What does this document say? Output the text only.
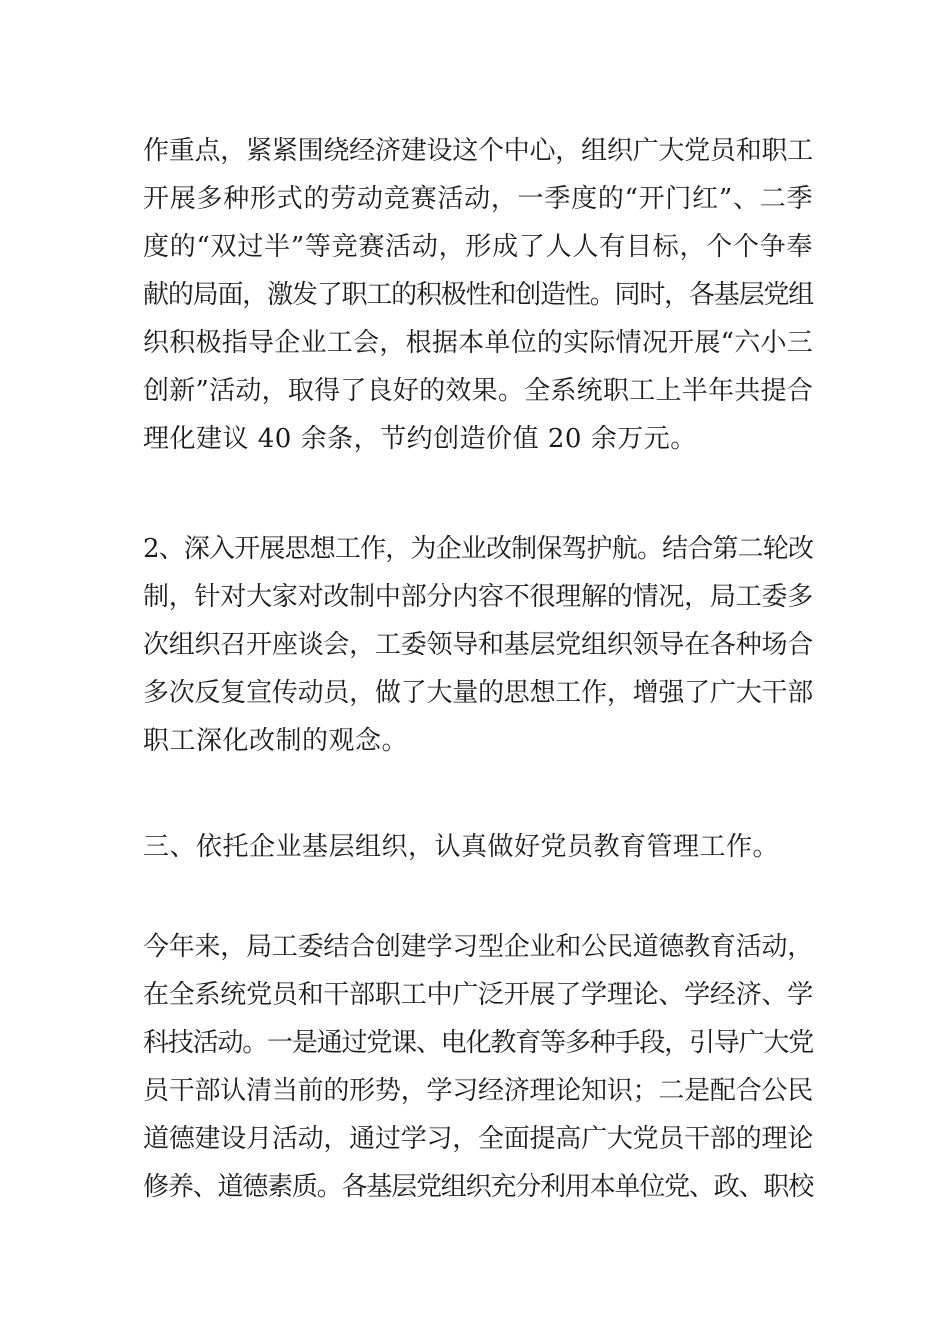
作重点，紧紧围绕经济建设这个中心，组织广大党员和职工
开展多种形式的劳动竞赛活动，一季度的“开门红”、二季
度的“双过半”等竞赛活动，形成了人人有目标，个个争奉
献的局面，激发了职工的积极性和创造性。同时，各基层党组
织积极指导企业工会，根据本单位的实际情况开展“六小三
创新”活动，取得了良好的效果。全系统职工上半年共提合
理化建议 40 余条，节约创造价值 20 余万元。
2、深入开展思想工作，为企业改制保驾护航。结合第二轮改
制，针对大家对改制中部分内容不很理解的情况，局工委多
次组织召开座谈会，工委领导和基层党组织领导在各种场合
多次反复宣传动员，做了大量的思想工作，增强了广大干部
职工深化改制的观念。
三、依托企业基层组织，认真做好党员教育管理工作。
今年来，局工委结合创建学习型企业和公民道德教育活动，
在全系统党员和干部职工中广泛开展了学理论、学经济、学
科技活动。一是通过党课、电化教育等多种手段，引导广大党
员干部认清当前的形势，学习经济理论知识；二是配合公民
道德建设月活动，通过学习，全面提高广大党员干部的理论
修养、道德素质。各基层党组织充分利用本单位党、政、职校
